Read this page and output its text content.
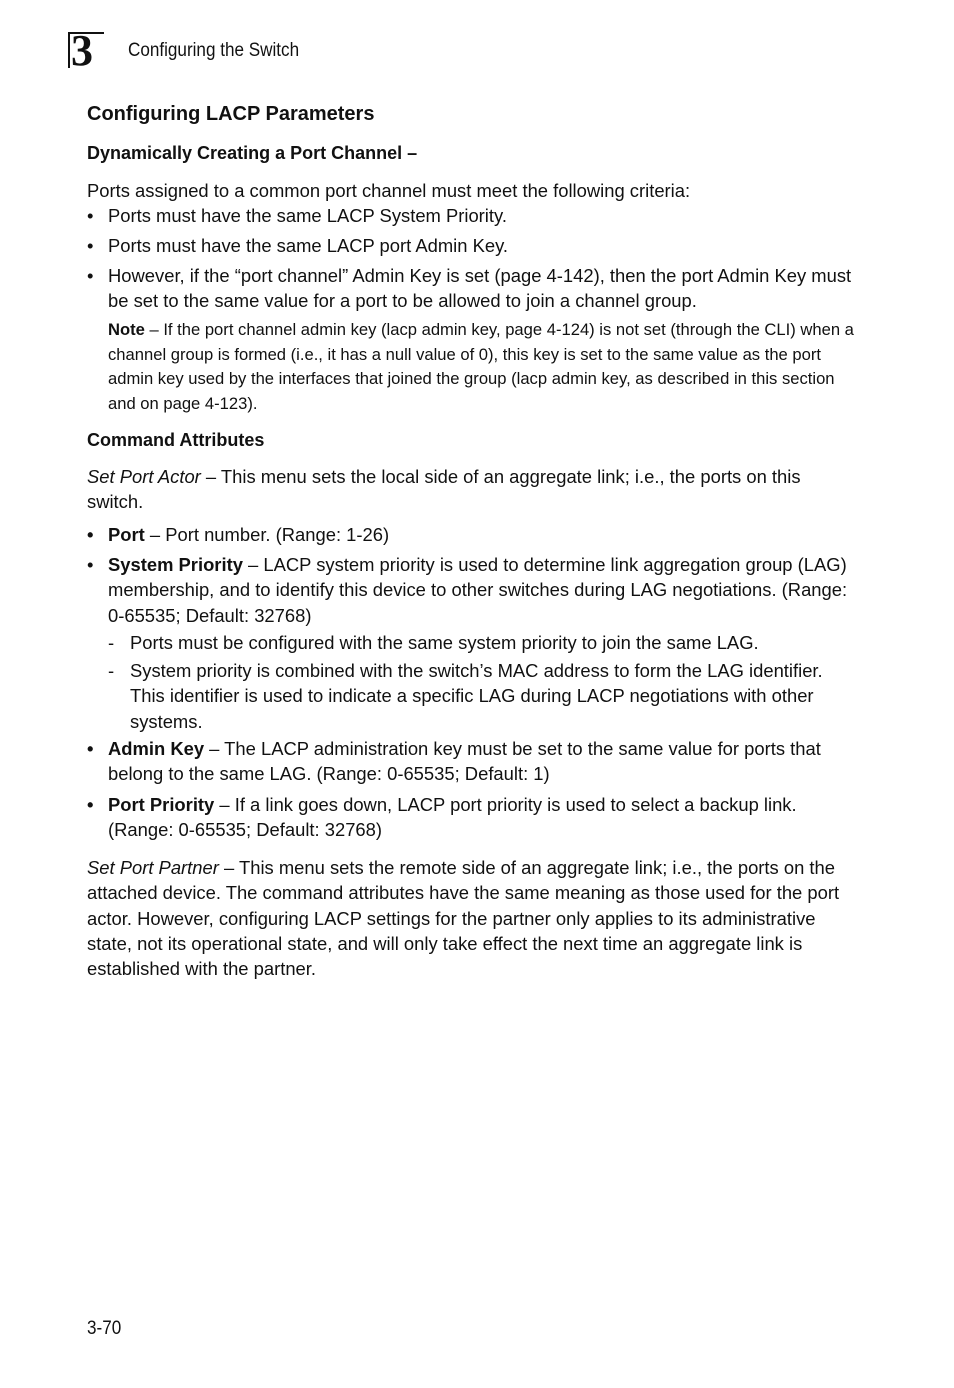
3 Configuring the Switch
Configuring LACP Parameters
Dynamically Creating a Port Channel –
Ports assigned to a common port channel must meet the following criteria:
• Ports must have the same LACP System Priority.
• Ports must have the same LACP port Admin Key.
• However, if the “port channel” Admin Key is set (page 4-142), then the port Admin Key must be set to the same value for a port to be allowed to join a channel group.
Note – If the port channel admin key (lacp admin key, page 4-124) is not set (through the CLI) when a channel group is formed (i.e., it has a null value of 0), this key is set to the same value as the port admin key used by the interfaces that joined the group (lacp admin key, as described in this section and on page 4-123).
Command Attributes
Set Port Actor – This menu sets the local side of an aggregate link; i.e., the ports on this switch.
• Port – Port number. (Range: 1-26)
• System Priority – LACP system priority is used to determine link aggregation group (LAG) membership, and to identify this device to other switches during LAG negotiations. (Range: 0-65535; Default: 32768)
- Ports must be configured with the same system priority to join the same LAG.
- System priority is combined with the switch’s MAC address to form the LAG identifier. This identifier is used to indicate a specific LAG during LACP negotiations with other systems.
• Admin Key – The LACP administration key must be set to the same value for ports that belong to the same LAG. (Range: 0-65535; Default: 1)
• Port Priority – If a link goes down, LACP port priority is used to select a backup link. (Range: 0-65535; Default: 32768)
Set Port Partner – This menu sets the remote side of an aggregate link; i.e., the ports on the attached device. The command attributes have the same meaning as those used for the port actor. However, configuring LACP settings for the partner only applies to its administrative state, not its operational state, and will only take effect the next time an aggregate link is established with the partner.
3-70
